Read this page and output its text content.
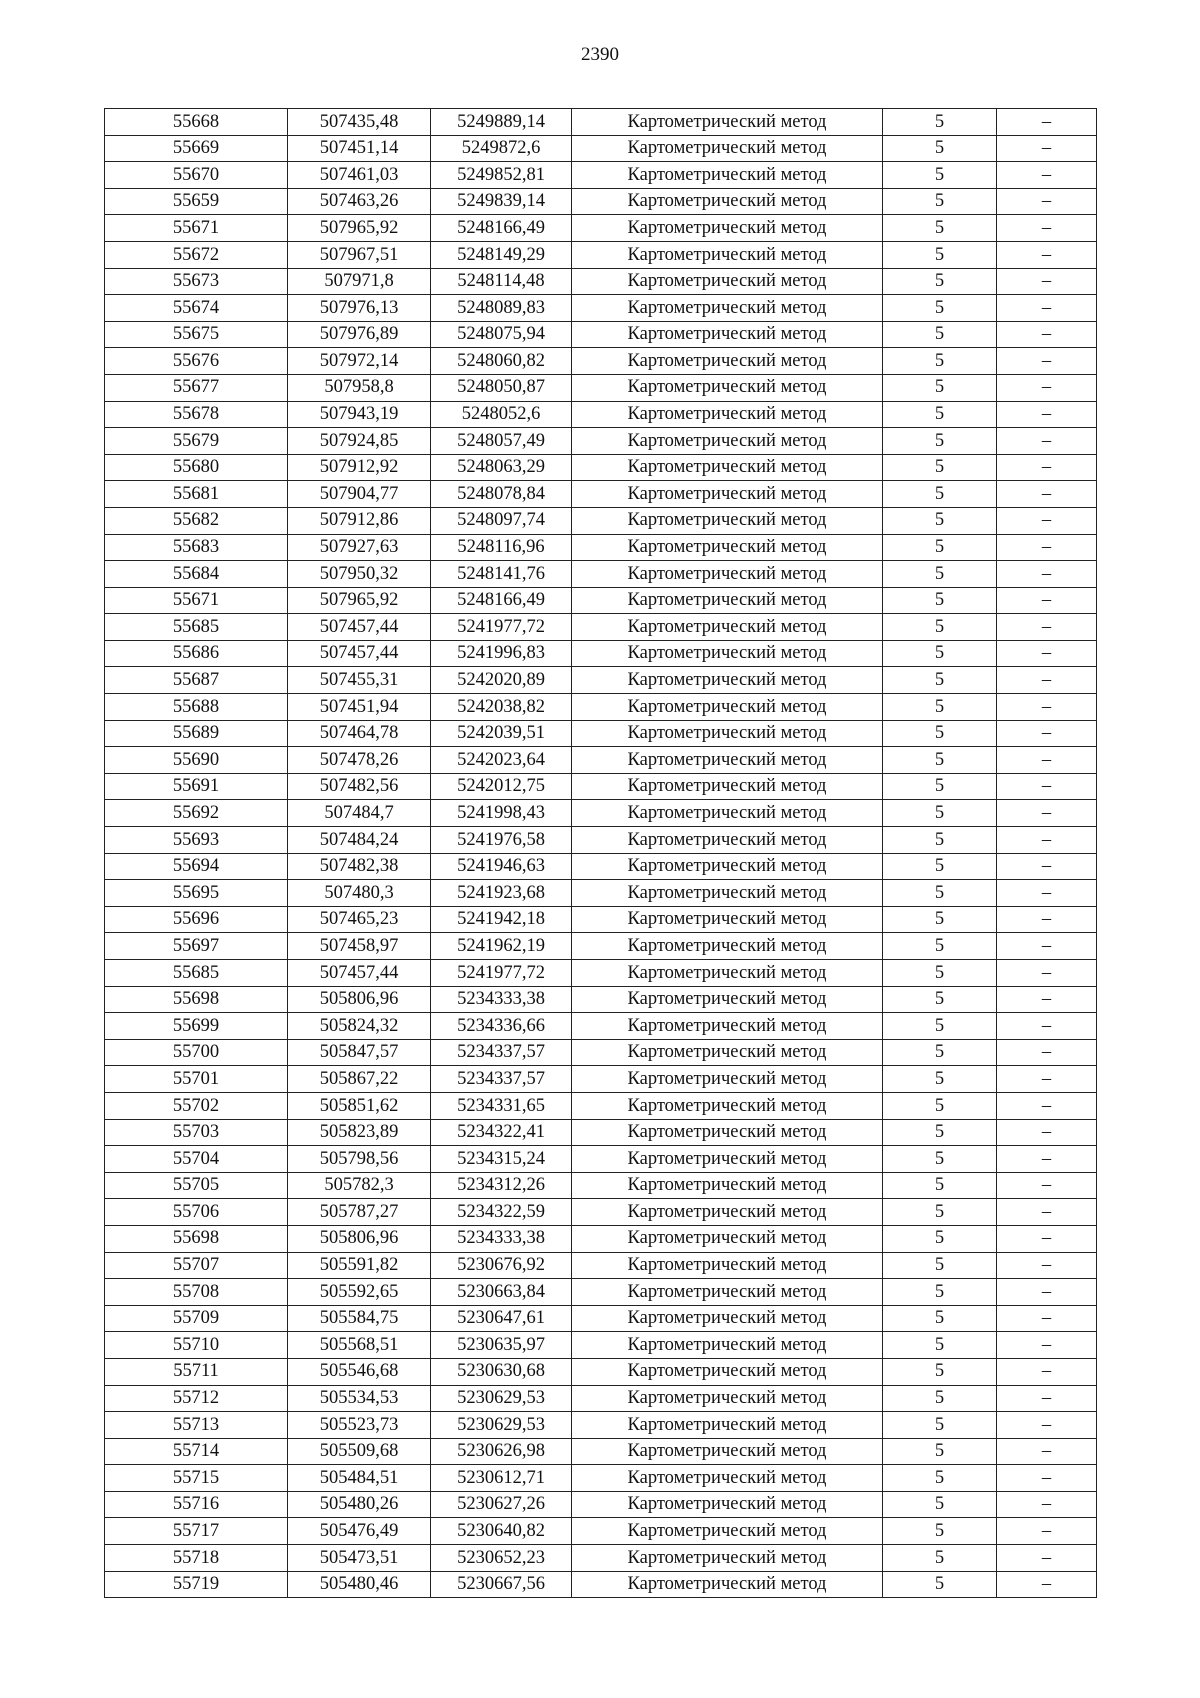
2390
55668	507435,48	5249889,14	Картометрический метод	5	–
55669	507451,14	5249872,6	Картометрический метод	5	–
55670	507461,03	5249852,81	Картометрический метод	5	–
55659	507463,26	5249839,14	Картометрический метод	5	–
55671	507965,92	5248166,49	Картометрический метод	5	–
55672	507967,51	5248149,29	Картометрический метод	5	–
55673	507971,8	5248114,48	Картометрический метод	5	–
55674	507976,13	5248089,83	Картометрический метод	5	–
55675	507976,89	5248075,94	Картометрический метод	5	–
55676	507972,14	5248060,82	Картометрический метод	5	–
55677	507958,8	5248050,87	Картометрический метод	5	–
55678	507943,19	5248052,6	Картометрический метод	5	–
55679	507924,85	5248057,49	Картометрический метод	5	–
55680	507912,92	5248063,29	Картометрический метод	5	–
55681	507904,77	5248078,84	Картометрический метод	5	–
55682	507912,86	5248097,74	Картометрический метод	5	–
55683	507927,63	5248116,96	Картометрический метод	5	–
55684	507950,32	5248141,76	Картометрический метод	5	–
55671	507965,92	5248166,49	Картометрический метод	5	–
55685	507457,44	5241977,72	Картометрический метод	5	–
55686	507457,44	5241996,83	Картометрический метод	5	–
55687	507455,31	5242020,89	Картометрический метод	5	–
55688	507451,94	5242038,82	Картометрический метод	5	–
55689	507464,78	5242039,51	Картометрический метод	5	–
55690	507478,26	5242023,64	Картометрический метод	5	–
55691	507482,56	5242012,75	Картометрический метод	5	–
55692	507484,7	5241998,43	Картометрический метод	5	–
55693	507484,24	5241976,58	Картометрический метод	5	–
55694	507482,38	5241946,63	Картометрический метод	5	–
55695	507480,3	5241923,68	Картометрический метод	5	–
55696	507465,23	5241942,18	Картометрический метод	5	–
55697	507458,97	5241962,19	Картометрический метод	5	–
55685	507457,44	5241977,72	Картометрический метод	5	–
55698	505806,96	5234333,38	Картометрический метод	5	–
55699	505824,32	5234336,66	Картометрический метод	5	–
55700	505847,57	5234337,57	Картометрический метод	5	–
55701	505867,22	5234337,57	Картометрический метод	5	–
55702	505851,62	5234331,65	Картометрический метод	5	–
55703	505823,89	5234322,41	Картометрический метод	5	–
55704	505798,56	5234315,24	Картометрический метод	5	–
55705	505782,3	5234312,26	Картометрический метод	5	–
55706	505787,27	5234322,59	Картометрический метод	5	–
55698	505806,96	5234333,38	Картометрический метод	5	–
55707	505591,82	5230676,92	Картометрический метод	5	–
55708	505592,65	5230663,84	Картометрический метод	5	–
55709	505584,75	5230647,61	Картометрический метод	5	–
55710	505568,51	5230635,97	Картометрический метод	5	–
55711	505546,68	5230630,68	Картометрический метод	5	–
55712	505534,53	5230629,53	Картометрический метод	5	–
55713	505523,73	5230629,53	Картометрический метод	5	–
55714	505509,68	5230626,98	Картометрический метод	5	–
55715	505484,51	5230612,71	Картометрический метод	5	–
55716	505480,26	5230627,26	Картометрический метод	5	–
55717	505476,49	5230640,82	Картометрический метод	5	–
55718	505473,51	5230652,23	Картометрический метод	5	–
55719	505480,46	5230667,56	Картометрический метод	5	–
